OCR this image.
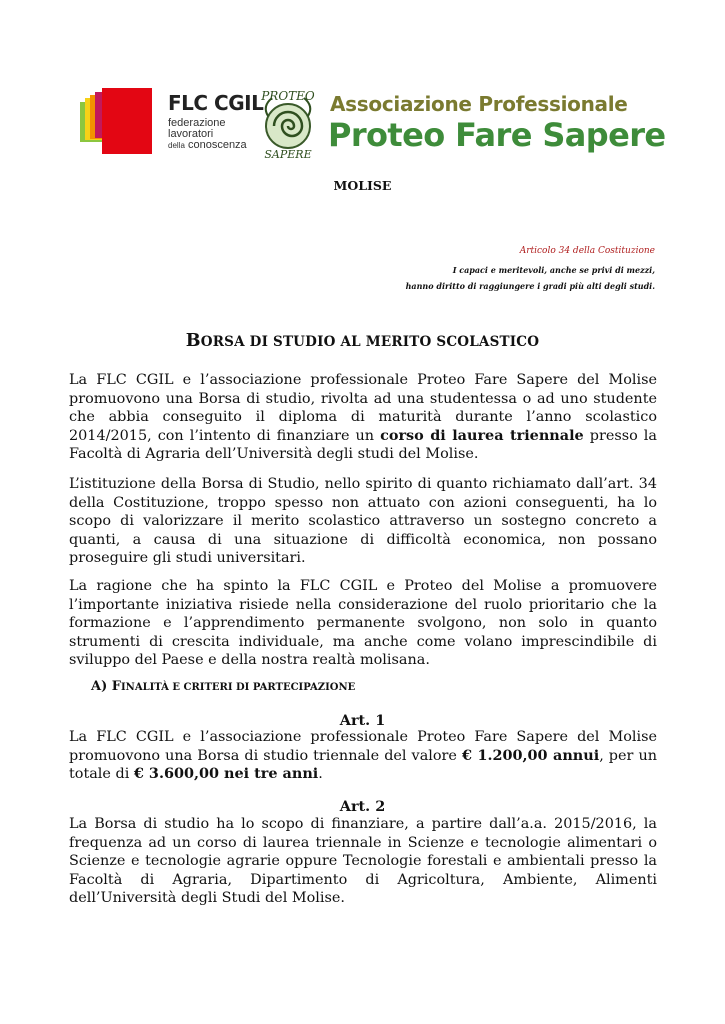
FLC CGIL
federazione
lavoratori
della conoscenza
PROTEO
SAPERE
Associazione Professionale
Proteo Fare Sapere
MOLISE
Articolo 34 della Costituzione
I capaci e meritevoli, anche se privi di mezzi,
hanno diritto di raggiungere i gradi più alti degli studi.
BORSA DI STUDIO AL MERITO SCOLASTICO
La FLC CGIL e l’associazione professionale Proteo Fare Sapere del Molise promuovono una Borsa di studio, rivolta ad una studentessa o ad uno studente che abbia conseguito il diploma di maturità durante l’anno scolastico 2014/2015, con l’intento di finanziare un corso di laurea triennale presso la Facoltà di Agraria dell’Università degli studi del Molise.
L’istituzione della Borsa di Studio, nello spirito di quanto richiamato dall’art. 34 della Costituzione, troppo spesso non attuato con azioni conseguenti, ha lo scopo di valorizzare il merito scolastico attraverso un sostegno concreto a quanti, a causa di una situazione di difficoltà economica, non possano proseguire gli studi universitari.
La ragione che ha spinto la FLC CGIL e Proteo del Molise a promuovere l’importante iniziativa risiede nella considerazione del ruolo prioritario che la formazione e l’apprendimento permanente svolgono, non solo in quanto strumenti di crescita individuale, ma anche come volano imprescindibile di sviluppo del Paese e della nostra realtà molisana.
A) FINALITÀ E CRITERI DI PARTECIPAZIONE
Art. 1
La FLC CGIL e l’associazione professionale Proteo Fare Sapere del Molise promuovono una Borsa di studio triennale del valore € 1.200,00 annui, per un totale di € 3.600,00 nei tre anni.
Art. 2
La Borsa di studio ha lo scopo di finanziare, a partire dall’a.a. 2015/2016, la frequenza ad un corso di laurea triennale in Scienze e tecnologie alimentari o Scienze e tecnologie agrarie oppure Tecnologie forestali e ambientali presso la Facoltà di Agraria, Dipartimento di Agricoltura, Ambiente, Alimenti dell’Università degli Studi del Molise.
